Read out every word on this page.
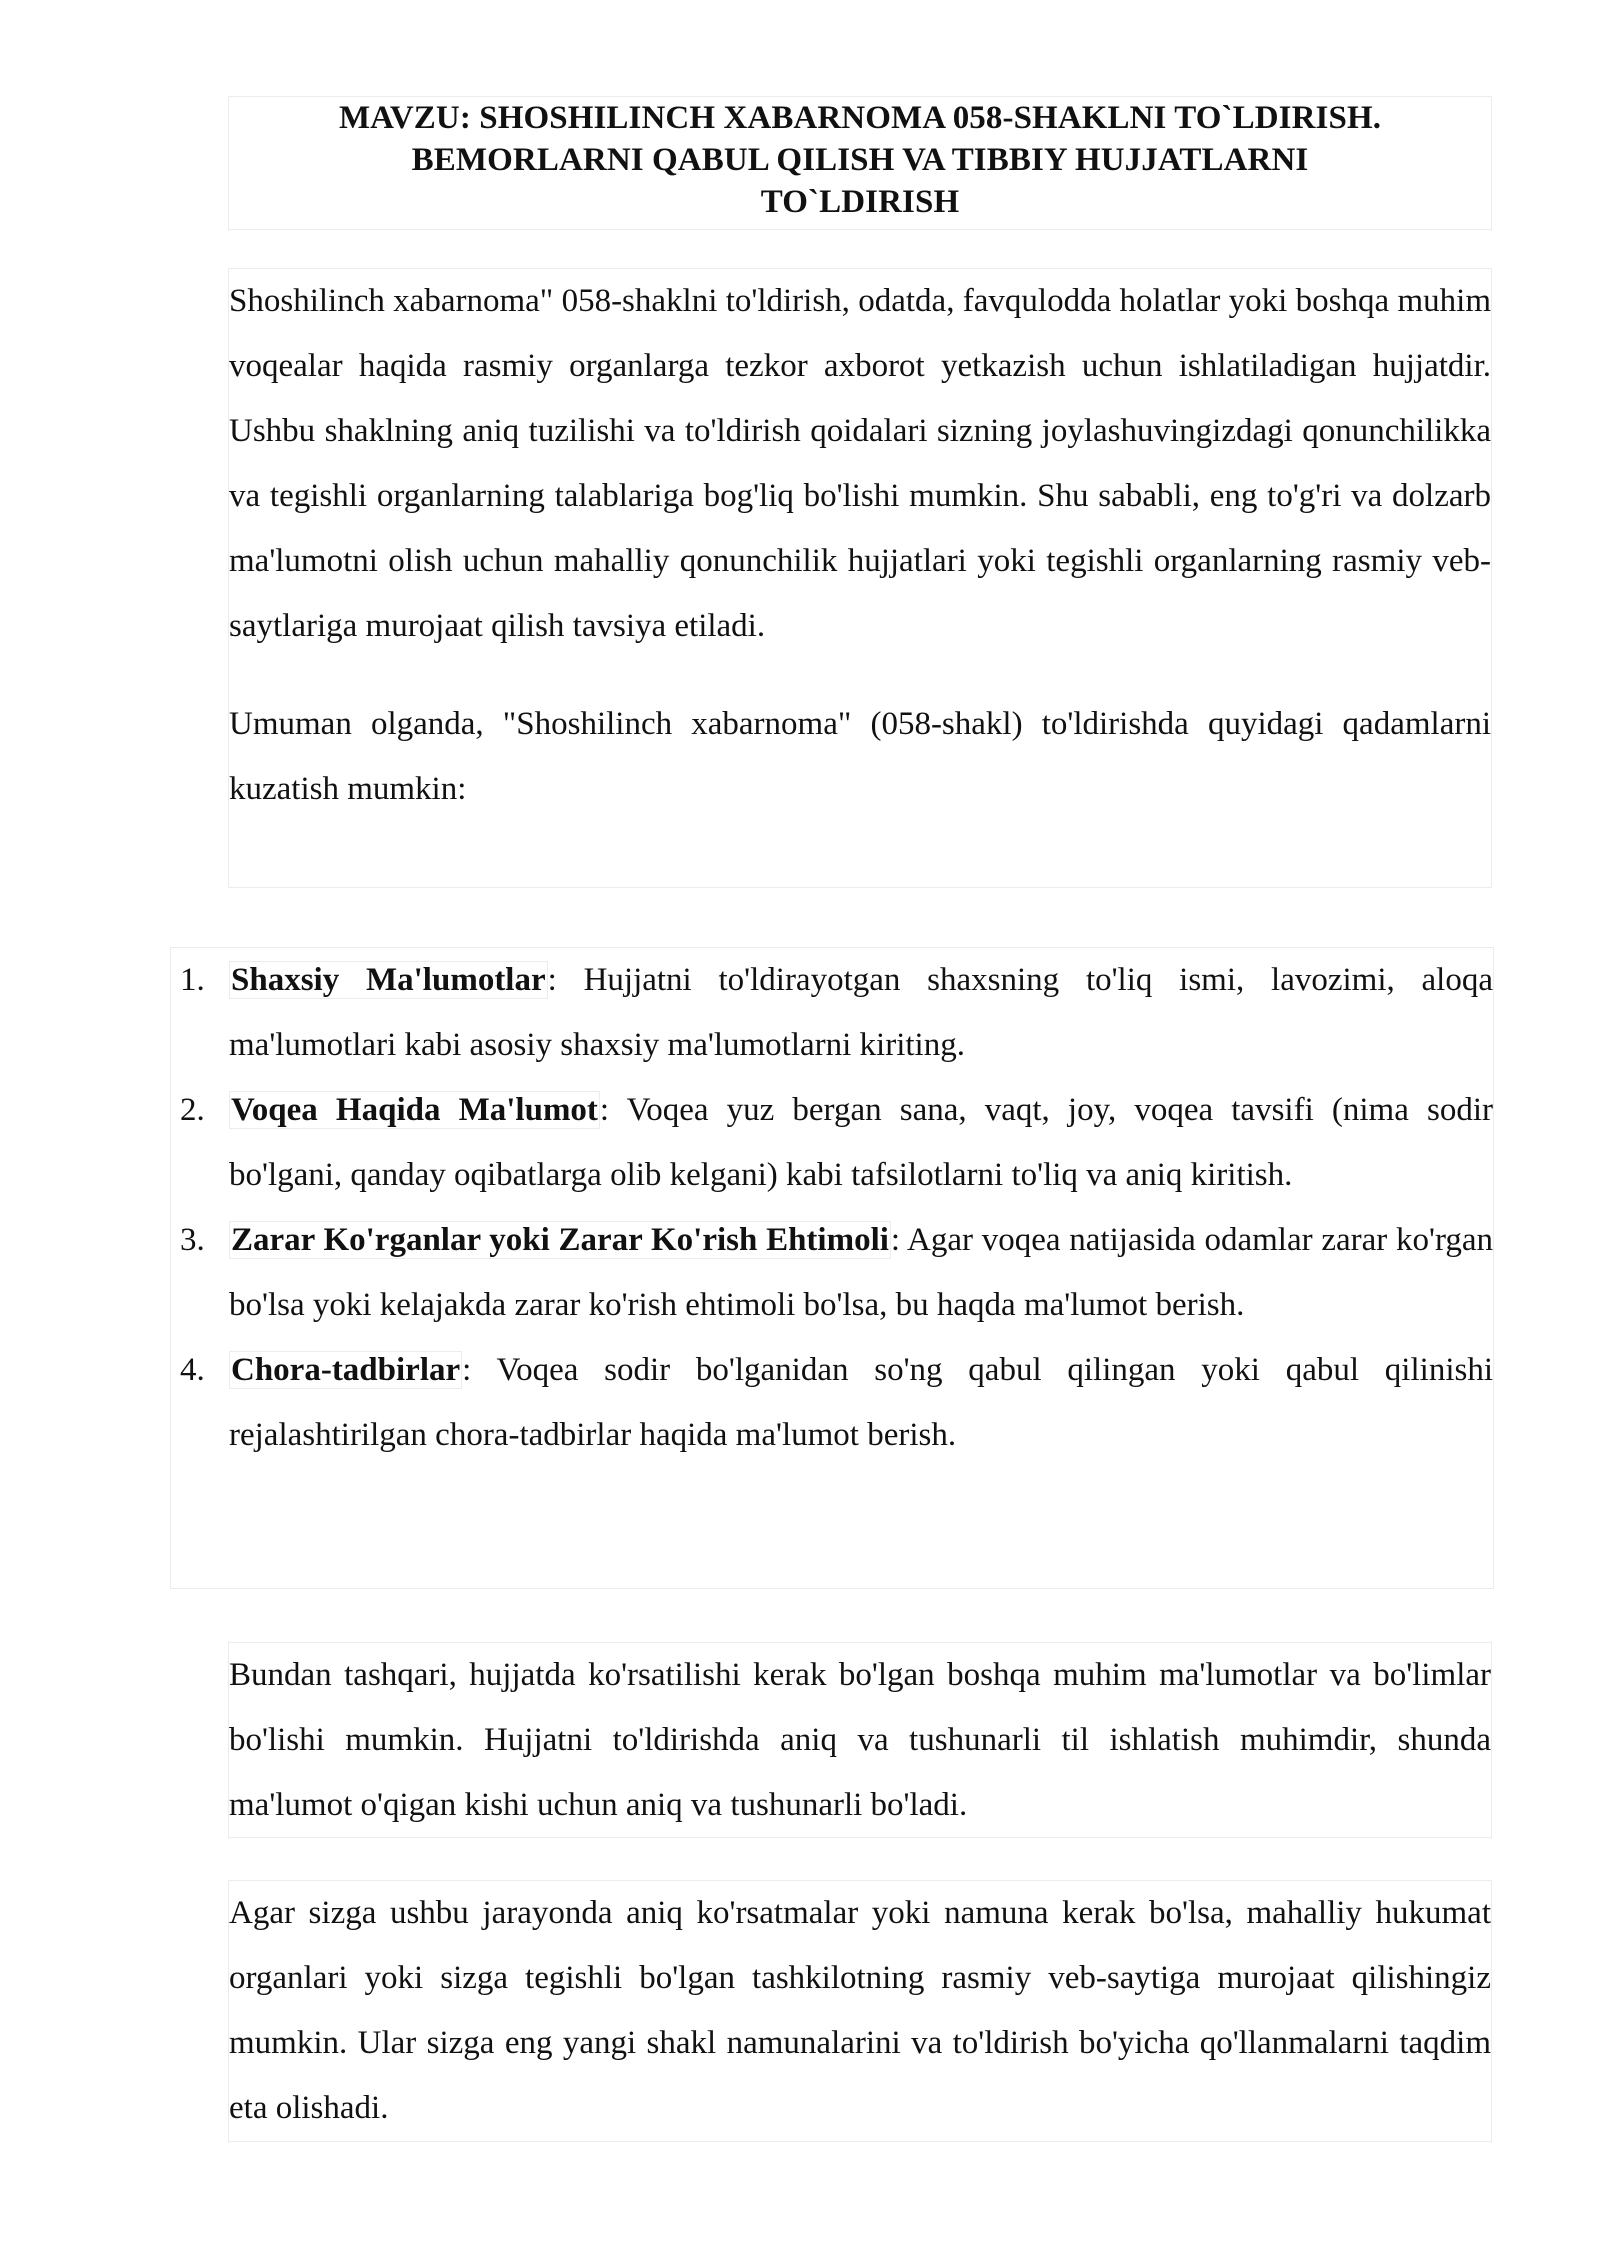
MAVZU: SHOSHILINCH XABARNOMA 058-SHAKLNI TO`LDIRISH.

BEMORLARNI QABUL QILISH VA TIBBIY HUJJATLARNI

TO`LDIRISH

Shoshilinch xabarnoma" 058-shaklni to'ldirish, odatda, favqulodda holatlar yoki boshqa muhim voqealar haqida rasmiy organlarga tezkor axborot yetkazish uchun ishlatiladigan hujjatdir. Ushbu shaklning aniq tuzilishi va to'ldirish qoidalari sizning joylashuvingizdagi qonunchilikka va tegishli organlarning talablariga bog'liq bo'lishi mumkin. Shu sababli, eng to'g'ri va dolzarb ma'lumotni olish uchun mahalliy qonunchilik hujjatlari yoki tegishli organlarning rasmiy veb-saytlariga murojaat qilish tavsiya etiladi.

Umuman olganda, "Shoshilinch xabarnoma" (058-shakl) to'ldirishda quyidagi qadamlarni kuzatish mumkin:

1. Shaxsiy Ma'lumotlar: Hujjatni to'ldirayotgan shaxsning to'liq ismi, lavozimi, aloqa ma'lumotlari kabi asosiy shaxsiy ma'lumotlarni kiriting.
2. Voqea Haqida Ma'lumot: Voqea yuz bergan sana, vaqt, joy, voqea tavsifi (nima sodir bo'lgani, qanday oqibatlarga olib kelgani) kabi tafsilotlarni to'liq va aniq kiritish.
3. Zarar Ko'rganlar yoki Zarar Ko'rish Ehtimoli: Agar voqea natijasida odamlar zarar ko'rgan bo'lsa yoki kelajakda zarar ko'rish ehtimoli bo'lsa, bu haqda ma'lumot berish.
4. Chora-tadbirlar: Voqea sodir bo'lganidan so'ng qabul qilingan yoki qabul qilinishi rejalashtirilgan chora-tadbirlar haqida ma'lumot berish.

Bundan tashqari, hujjatda ko'rsatilishi kerak bo'lgan boshqa muhim ma'lumotlar va bo'limlar bo'lishi mumkin. Hujjatni to'ldirishda aniq va tushunarli til ishlatish muhimdir, shunda ma'lumot o'qigan kishi uchun aniq va tushunarli bo'ladi.

Agar sizga ushbu jarayonda aniq ko'rsatmalar yoki namuna kerak bo'lsa, mahalliy hukumat organlari yoki sizga tegishli bo'lgan tashkilotning rasmiy veb-saytiga murojaat qilishingiz mumkin. Ular sizga eng yangi shakl namunalarini va to'ldirish bo'yicha qo'llanmalarni taqdim eta olishadi.
